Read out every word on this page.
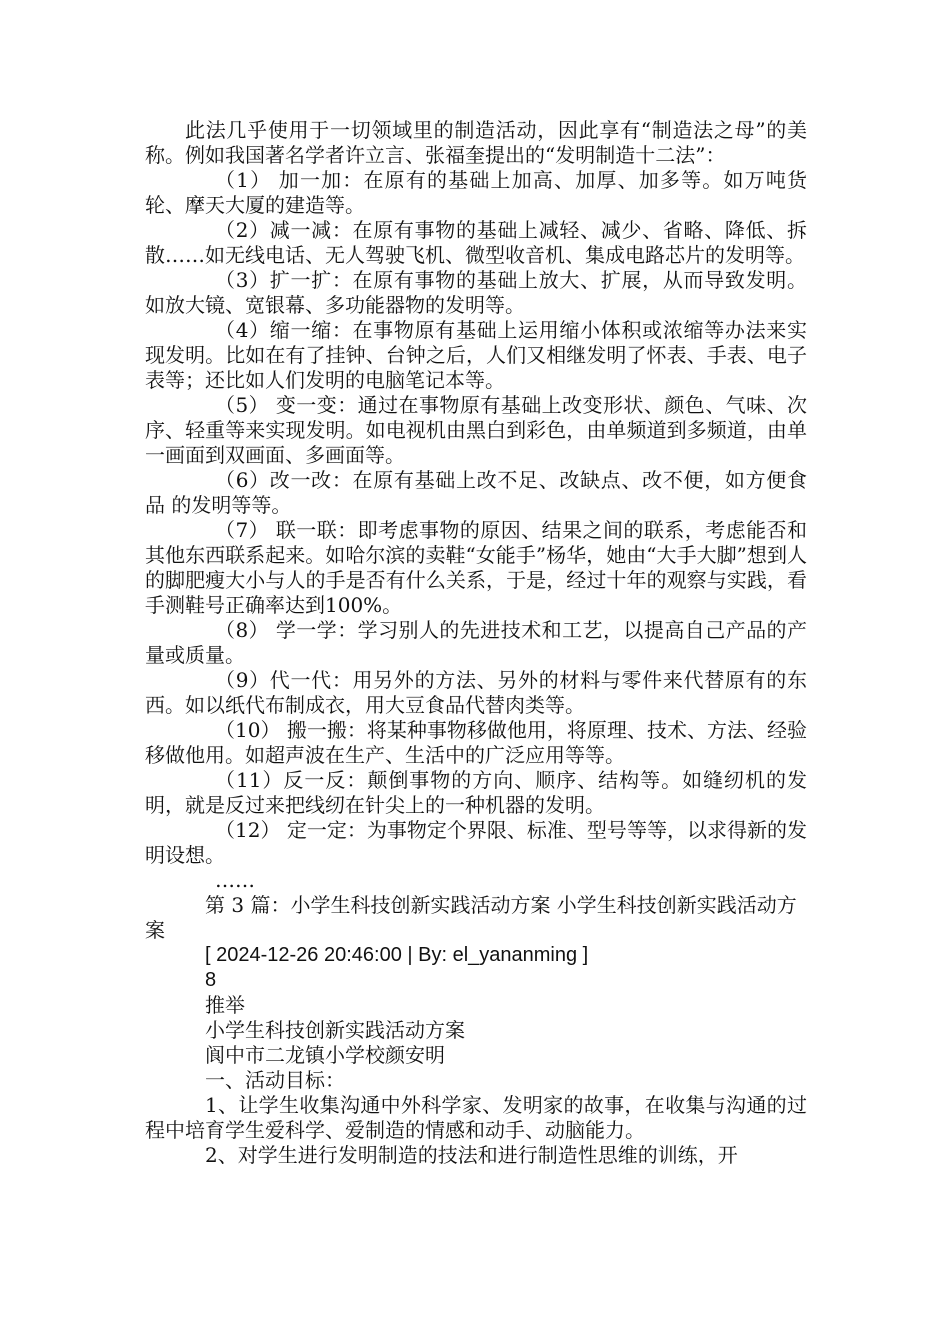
此法几乎使用于一切领域里的制造活动，因此享有“制造法之母”的美称。例如我国著名学者许立言、张福奎提出的“发明制造十二法”：

（1） 加一加：在原有的基础上加高、加厚、加多等。如万吨货轮、摩天大厦的建造等。

（2）减一减：在原有事物的基础上减轻、减少、省略、降低、拆散……如无线电话、无人驾驶飞机、微型收音机、集成电路芯片的发明等。

（3）扩一扩：在原有事物的基础上放大、扩展，从而导致发明。如放大镜、宽银幕、多功能器物的发明等。

（4）缩一缩：在事物原有基础上运用缩小体积或浓缩等办法来实现发明。比如在有了挂钟、台钟之后，人们又相继发明了怀表、手表、电子表等；还比如人们发明的电脑笔记本等。

（5） 变一变：通过在事物原有基础上改变形状、颜色、气味、次序、轻重等来实现发明。如电视机由黑白到彩色，由单频道到多频道，由单一画面到双画面、多画面等。

（6）改一改：在原有基础上改不足、改缺点、改不便，如方便食品 的发明等等。

（7） 联一联：即考虑事物的原因、结果之间的联系，考虑能否和其他东西联系起来。如哈尔滨的卖鞋“女能手”杨华，她由“大手大脚”想到人的脚肥瘦大小与人的手是否有什么关系，于是，经过十年的观察与实践，看手测鞋号正确率达到100%。

（8） 学一学：学习别人的先进技术和工艺，以提高自己产品的产量或质量。

（9）代一代：用另外的方法、另外的材料与零件来代替原有的东西。如以纸代布制成衣，用大豆食品代替肉类等。

（10） 搬一搬：将某种事物移做他用，将原理、技术、方法、经验移做他用。如超声波在生产、生活中的广泛应用等等。

（11）反一反：颠倒事物的方向、顺序、结构等。如缝纫机的发明，就是反过来把线纫在针尖上的一种机器的发明。

（12） 定一定：为事物定个界限、标准、型号等等，以求得新的发明设想。

……

第 3 篇：小学生科技创新实践活动方案 小学生科技创新实践活动方案

[ 2024-12-26 20:46:00 | By: el_yananming ]

8

推举

小学生科技创新实践活动方案

阆中市二龙镇小学校颜安明

一、活动目标：

1、让学生收集沟通中外科学家、发明家的故事，在收集与沟通的过程中培育学生爱科学、爱制造的情感和动手、动脑能力。

2、对学生进行发明制造的技法和进行制造性思维的训练，开
